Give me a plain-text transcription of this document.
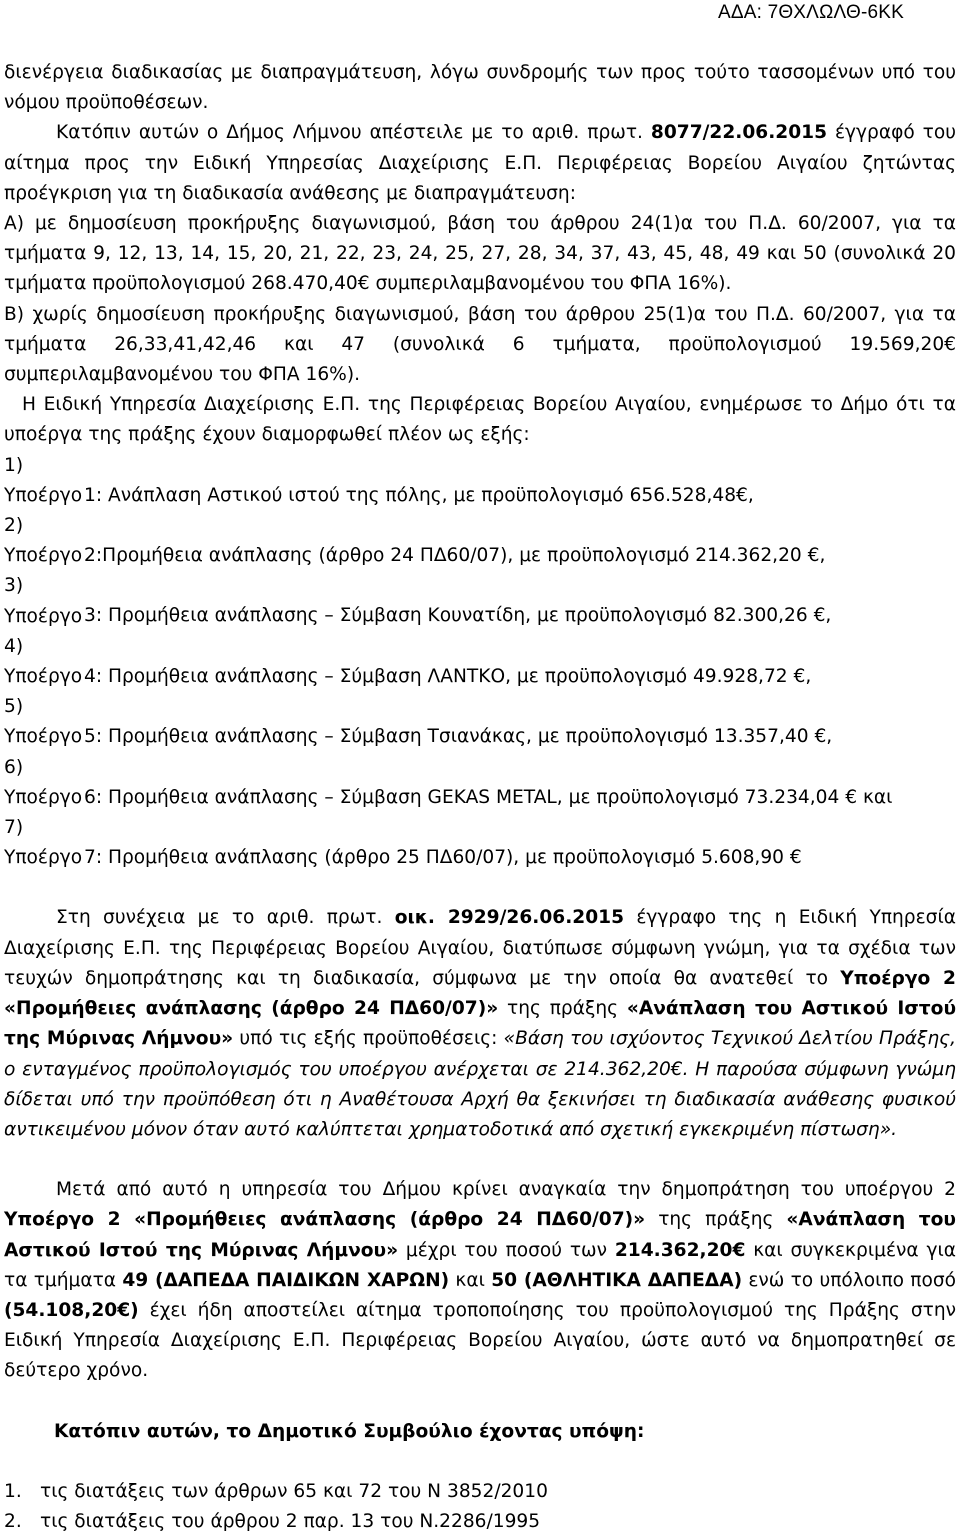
ΑΔΑ: 7ΘΧΛΩΛΘ-6ΚΚ

διενέργεια διαδικασίας με διαπραγμάτευση, λόγω συνδρομής των προς τούτο τασσομένων υπό του νόμου προϋποθέσεων.

Κατόπιν αυτών ο Δήμος Λήμνου απέστειλε με το αριθ. πρωτ. 8077/22.06.2015 έγγραφό του αίτημα προς την Ειδική Υπηρεσίας Διαχείρισης Ε.Π. Περιφέρειας Βορείου Αιγαίου ζητώντας προέγκριση για τη διαδικασία ανάθεσης με διαπραγμάτευση:

Α) με δημοσίευση προκήρυξης διαγωνισμού, βάση του άρθρου 24(1)α του Π.Δ. 60/2007, για τα τμήματα 9, 12, 13, 14, 15, 20, 21, 22, 23, 24, 25, 27, 28, 34, 37, 43, 45, 48, 49 και 50 (συνολικά 20 τμήματα προϋπολογισμού 268.470,40€ συμπεριλαμβανομένου του ΦΠΑ 16%).

Β) χωρίς δημοσίευση προκήρυξης διαγωνισμού, βάση του άρθρου 25(1)α του Π.Δ. 60/2007, για τα τμήματα 26,33,41,42,46 και 47 (συνολικά 6 τμήματα, προϋπολογισμού 19.569,20€ συμπεριλαμβανομένου του ΦΠΑ 16%).

Η Ειδική Υπηρεσία Διαχείρισης Ε.Π. της Περιφέρειας Βορείου Αιγαίου, ενημέρωσε το Δήμο ότι τα υποέργα της πράξης έχουν διαμορφωθεί πλέον ως εξής:

1) Υποέργο1: Ανάπλαση Αστικού ιστού της πόλης, με προϋπολογισμό 656.528,48€,

2) Υποέργο2:Προμήθεια ανάπλασης (άρθρο 24 ΠΔ60/07), με προϋπολογισμό 214.362,20 €,

3) Υποέργο3: Προμήθεια ανάπλασης – Σύμβαση Κουνατίδη, με προϋπολογισμό 82.300,26 €,

4) Υποέργο4: Προμήθεια ανάπλασης – Σύμβαση ΛΑΝΤΚΟ, με προϋπολογισμό 49.928,72 €,

5) Υποέργο5: Προμήθεια ανάπλασης – Σύμβαση Τσιανάκας, με προϋπολογισμό 13.357,40 €,

6) Υποέργο6: Προμήθεια ανάπλασης – Σύμβαση GEKAS METAL, με προϋπολογισμό 73.234,04 € και

7) Υποέργο7: Προμήθεια ανάπλασης (άρθρο 25 ΠΔ60/07), με προϋπολογισμό 5.608,90 €

Στη συνέχεια με το αριθ. πρωτ. οικ. 2929/26.06.2015 έγγραφο της η Ειδική Υπηρεσία Διαχείρισης Ε.Π. της Περιφέρειας Βορείου Αιγαίου, διατύπωσε σύμφωνη γνώμη, για τα σχέδια των τευχών δημοπράτησης και τη διαδικασία, σύμφωνα με την οποία θα ανατεθεί το Υποέργο 2 «Προμήθειες ανάπλασης (άρθρο 24 ΠΔ60/07)» της πράξης «Ανάπλαση του Αστικού Ιστού της Μύρινας Λήμνου» υπό τις εξής προϋποθέσεις: «Βάση του ισχύοντος Τεχνικού Δελτίου Πράξης, ο ενταγμένος προϋπολογισμός του υποέργου ανέρχεται σε 214.362,20€. Η παρούσα σύμφωνη γνώμη δίδεται υπό την προϋπόθεση ότι η Αναθέτουσα Αρχή θα ξεκινήσει τη διαδικασία ανάθεσης φυσικού αντικειμένου μόνον όταν αυτό καλύπτεται χρηματοδοτικά από σχετική εγκεκριμένη πίστωση».

Μετά από αυτό η υπηρεσία του Δήμου κρίνει αναγκαία την δημοπράτηση του υποέργου 2 Υποέργο 2 «Προμήθειες ανάπλασης (άρθρο 24 ΠΔ60/07)» της πράξης «Ανάπλαση του Αστικού Ιστού της Μύρινας Λήμνου» μέχρι του ποσού των 214.362,20€ και συγκεκριμένα για τα τμήματα 49 (ΔΑΠΕΔΑ ΠΑΙΔΙΚΩΝ ΧΑΡΩΝ) και 50 (ΑΘΛΗΤΙΚΑ ΔΑΠΕΔΑ) ενώ το υπόλοιπο ποσό (54.108,20€) έχει ήδη αποστείλει αίτημα τροποποίησης του προϋπολογισμού της Πράξης στην Ειδική Υπηρεσία Διαχείρισης Ε.Π. Περιφέρειας Βορείου Αιγαίου, ώστε αυτό να δημοπρατηθεί σε δεύτερο χρόνο.

Κατόπιν αυτών, το Δημοτικό Συμβούλιο έχοντας υπόψη:

1. τις διατάξεις των άρθρων 65 και 72 του Ν 3852/2010

2. τις διατάξεις του άρθρου 2 παρ. 13 του Ν.2286/1995
